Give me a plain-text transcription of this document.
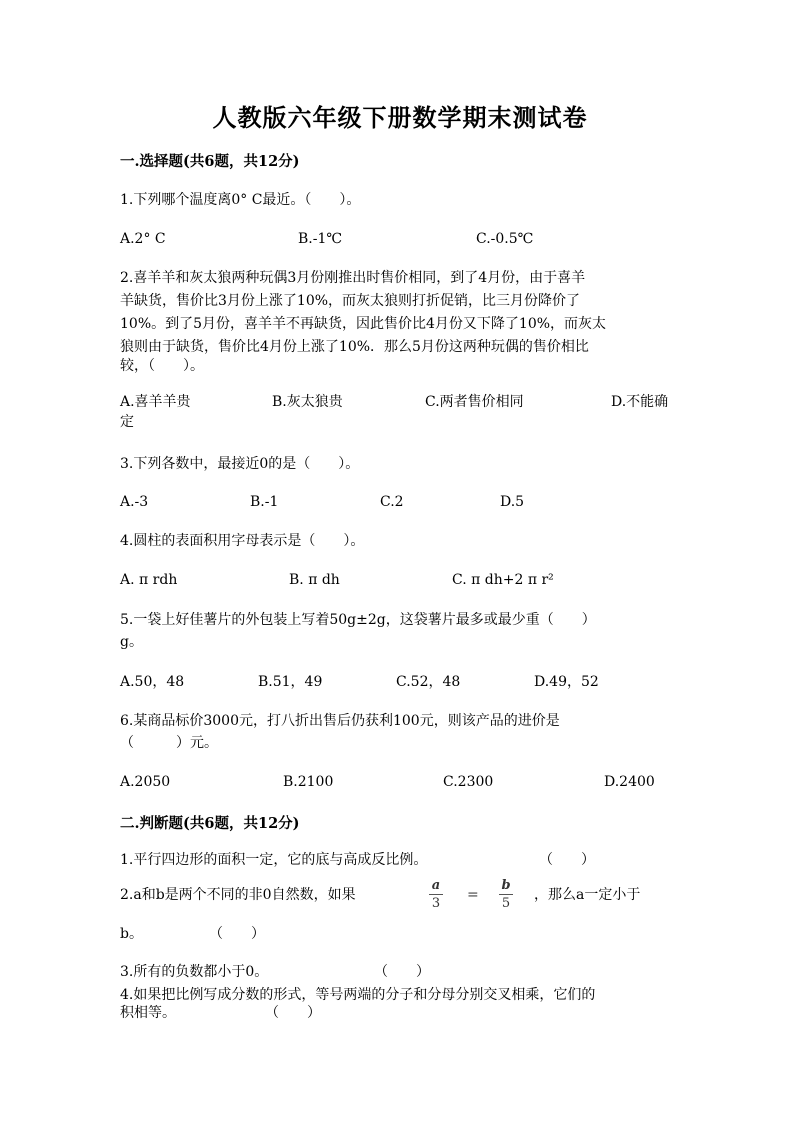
人教版六年级下册数学期末测试卷
一.选择题(共6题，共12分)
1.下列哪个温度离0° C最近。（　　）。
A.2° C	B.-1℃	C.-0.5℃
2.喜羊羊和灰太狼两种玩偶3月份刚推出时售价相同，到了4月份，由于喜羊
羊缺货，售价比3月份上涨了10%，而灰太狼则打折促销，比三月份降价了
10%。到了5月份，喜羊羊不再缺货，因此售价比4月份又下降了10%，而灰太
狼则由于缺货，售价比4月份上涨了10%．那么5月份这两种玩偶的售价相比
较，（　　）。
A.喜羊羊贵	B.灰太狼贵	C.两者售价相同	D.不能确
定
3.下列各数中，最接近0的是（　　）。
A.-3	B.-1	C.2	D.5
4.圆柱的表面积用字母表示是（　　）。
A. π rdh	B. π dh	C. π dh+2 π r²
5.一袋上好佳薯片的外包装上写着50g±2g，这袋薯片最多或最少重（　　）
g。
A.50，48	B.51，49	C.52，48	D.49，52
6.某商品标价3000元，打八折出售后仍获利100元，则该产品的进价是
（　　　）元。
A.2050	B.2100	C.2300	D.2400
二.判断题(共6题，共12分)
1.平行四边形的面积一定，它的底与高成反比例。	（　　）
2.a和b是两个不同的非0自然数，如果
a
3
=
b
5
，那么a一定小于
b。	（　　）
3.所有的负数都小于0。	（　　）
4.如果把比例写成分数的形式，等号两端的分子和分母分别交叉相乘，它们的
积相等。	（　　）
